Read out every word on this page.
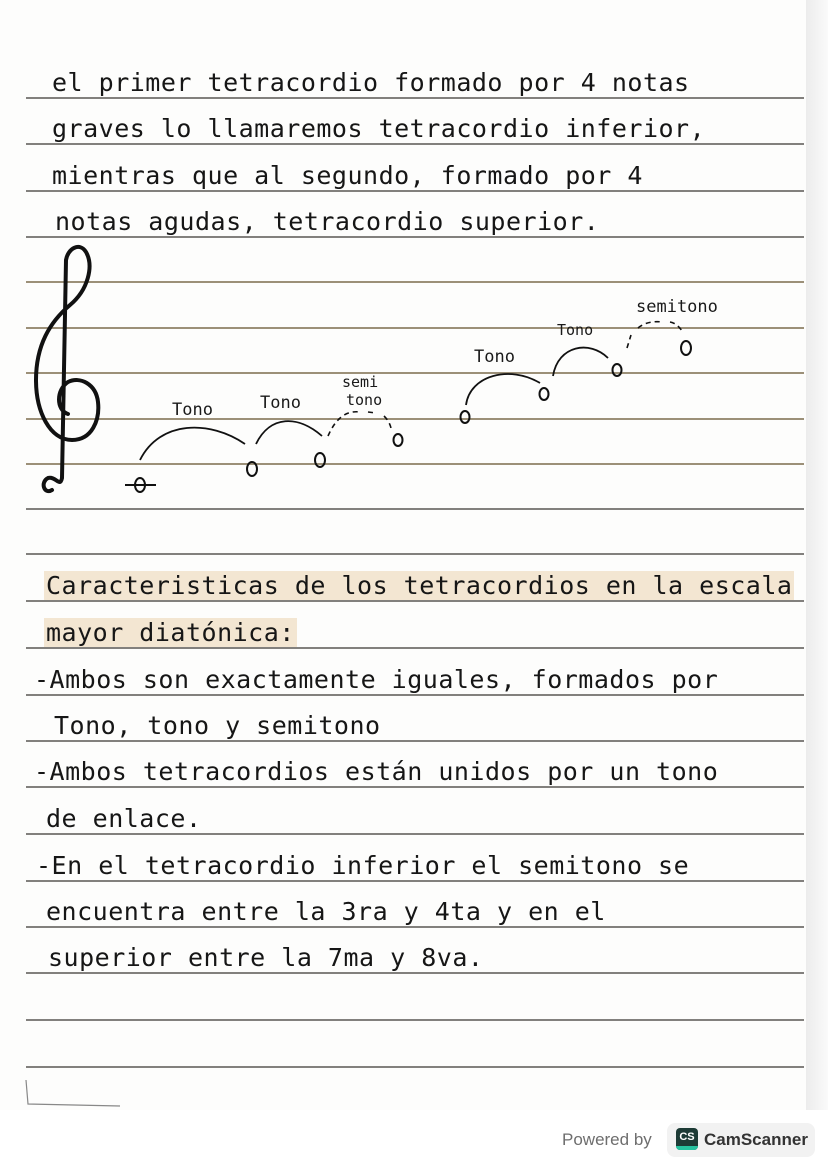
el primer tetracordio formado por 4 notas
graves lo llamaremos tetracordio inferior,
mientras que al segundo, formado por 4
notas agudas, tetracordio superior.
Tono	Tono
semi
tono
Tono
Tono
semitono
Caracteristicas de los tetracordios en la escala
mayor diatónica:
-Ambos son exactamente iguales, formados por
Tono, tono y semitono
-Ambos tetracordios están unidos por un tono
de enlace.
-En el tetracordio inferior el semitono se
encuentra entre la 3ra y 4ta y en el
superior entre la 7ma y 8va.
Powered by	CS CamScanner
